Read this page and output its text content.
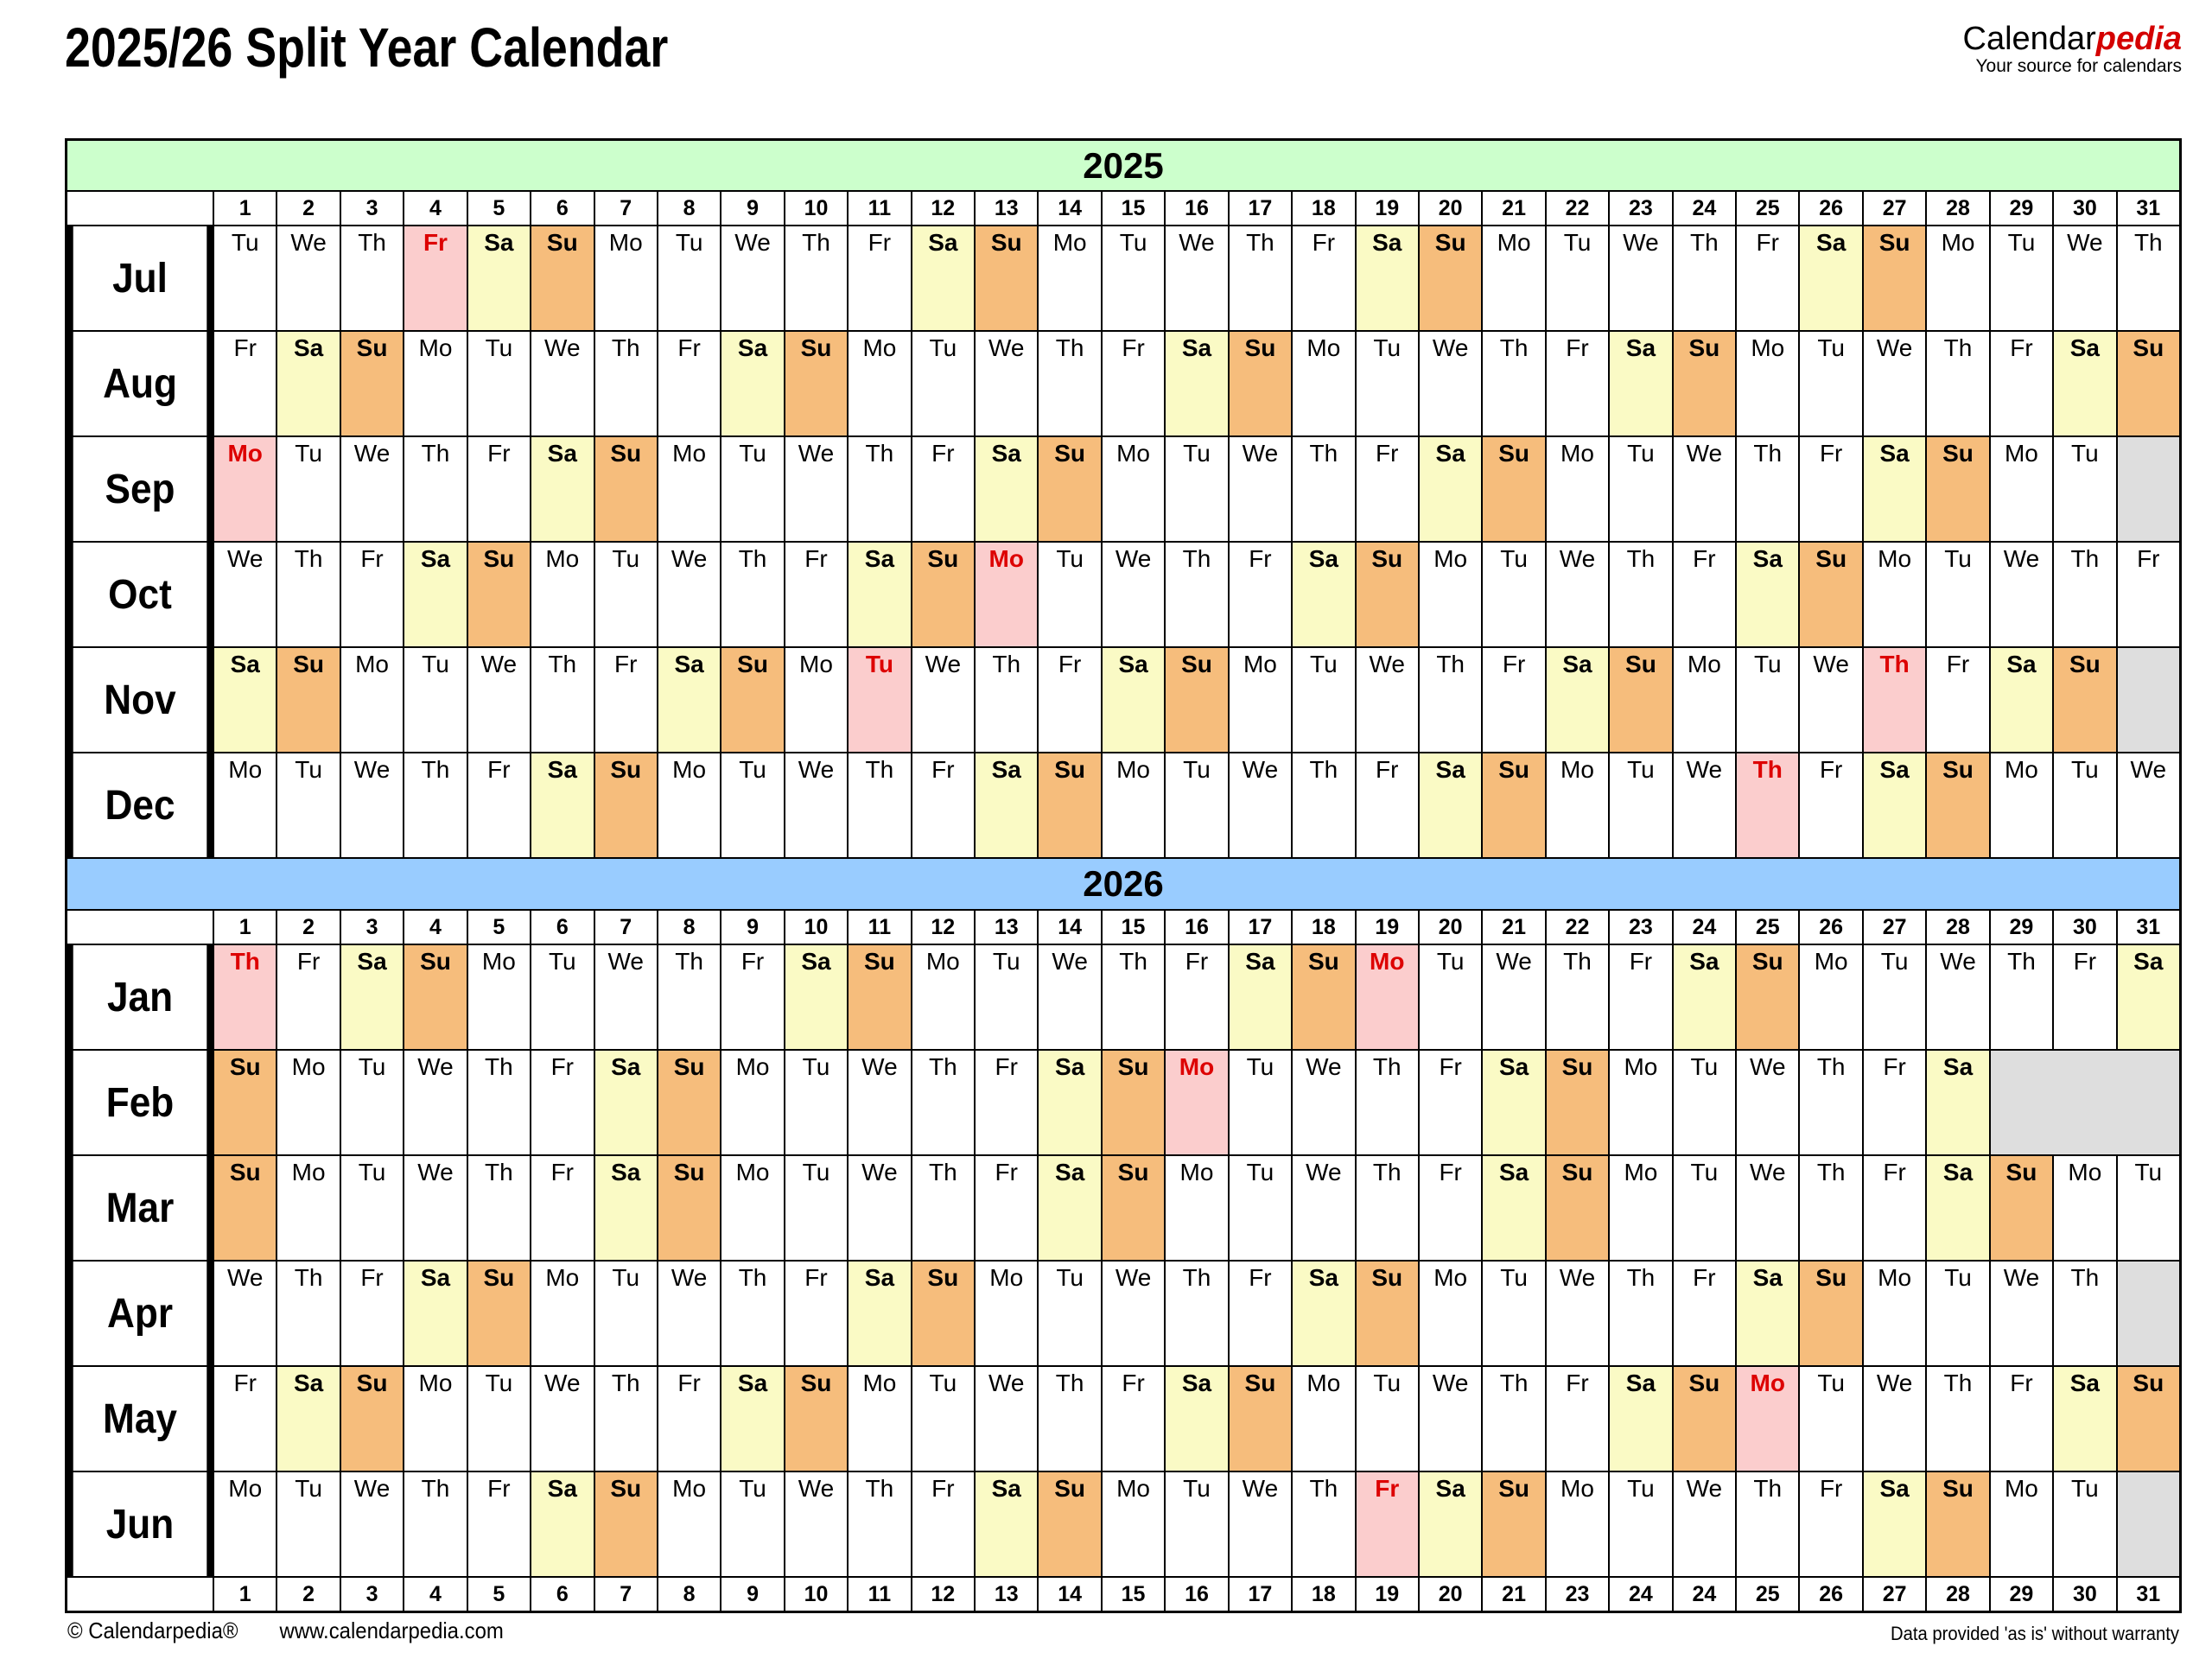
2025/26 Split Year Calendar	Calendarpedia
Your source for calendars
2025
1	2	3	4	5	6	7	8	9	10	11	12	13	14	15	16	17	18	19	20	21	22	23	24	25	26	27	28	29	30	31
Jul
Tu	We	Th	Fr	Sa	Su	Mo	Tu	We	Th	Fr	Sa	Su	Mo	Tu	We	Th	Fr	Sa	Su	Mo	Tu	We	Th	Fr	Sa	Su	Mo	Tu	We	Th
Aug
Fr	Sa	Su	Mo	Tu	We	Th	Fr	Sa	Su	Mo	Tu	We	Th	Fr	Sa	Su	Mo	Tu	We	Th	Fr	Sa	Su	Mo	Tu	We	Th	Fr	Sa	Su
Sep
Mo	Tu	We	Th	Fr	Sa	Su	Mo	Tu	We	Th	Fr	Sa	Su	Mo	Tu	We	Th	Fr	Sa	Su	Mo	Tu	We	Th	Fr	Sa	Su	Mo	Tu
Oct
We	Th	Fr	Sa	Su	Mo	Tu	We	Th	Fr	Sa	Su	Mo	Tu	We	Th	Fr	Sa	Su	Mo	Tu	We	Th	Fr	Sa	Su	Mo	Tu	We	Th	Fr
Nov
Sa	Su	Mo	Tu	We	Th	Fr	Sa	Su	Mo	Tu	We	Th	Fr	Sa	Su	Mo	Tu	We	Th	Fr	Sa	Su	Mo	Tu	We	Th	Fr	Sa	Su
Dec
Mo	Tu	We	Th	Fr	Sa	Su	Mo	Tu	We	Th	Fr	Sa	Su	Mo	Tu	We	Th	Fr	Sa	Su	Mo	Tu	We	Th	Fr	Sa	Su	Mo	Tu	We
2026
1	2	3	4	5	6	7	8	9	10	11	12	13	14	15	16	17	18	19	20	21	22	23	24	25	26	27	28	29	30	31
Jan
Th	Fr	Sa	Su	Mo	Tu	We	Th	Fr	Sa	Su	Mo	Tu	We	Th	Fr	Sa	Su	Mo	Tu	We	Th	Fr	Sa	Su	Mo	Tu	We	Th	Fr	Sa
Feb
Su	Mo	Tu	We	Th	Fr	Sa	Su	Mo	Tu	We	Th	Fr	Sa	Su	Mo	Tu	We	Th	Fr	Sa	Su	Mo	Tu	We	Th	Fr	Sa
Mar
Su	Mo	Tu	We	Th	Fr	Sa	Su	Mo	Tu	We	Th	Fr	Sa	Su	Mo	Tu	We	Th	Fr	Sa	Su	Mo	Tu	We	Th	Fr	Sa	Su	Mo	Tu
Apr
We	Th	Fr	Sa	Su	Mo	Tu	We	Th	Fr	Sa	Su	Mo	Tu	We	Th	Fr	Sa	Su	Mo	Tu	We	Th	Fr	Sa	Su	Mo	Tu	We	Th
May
Fr	Sa	Su	Mo	Tu	We	Th	Fr	Sa	Su	Mo	Tu	We	Th	Fr	Sa	Su	Mo	Tu	We	Th	Fr	Sa	Su	Mo	Tu	We	Th	Fr	Sa	Su
Jun
Mo	Tu	We	Th	Fr	Sa	Su	Mo	Tu	We	Th	Fr	Sa	Su	Mo	Tu	We	Th	Fr	Sa	Su	Mo	Tu	We	Th	Fr	Sa	Su	Mo	Tu
1	2	3	4	5	6	7	8	9	10	11	12	13	14	15	16	17	18	19	20	21	23	24	24	25	26	27	28	29	30	31
© Calendarpedia® www.calendarpedia.com	Data provided 'as is' without warranty
